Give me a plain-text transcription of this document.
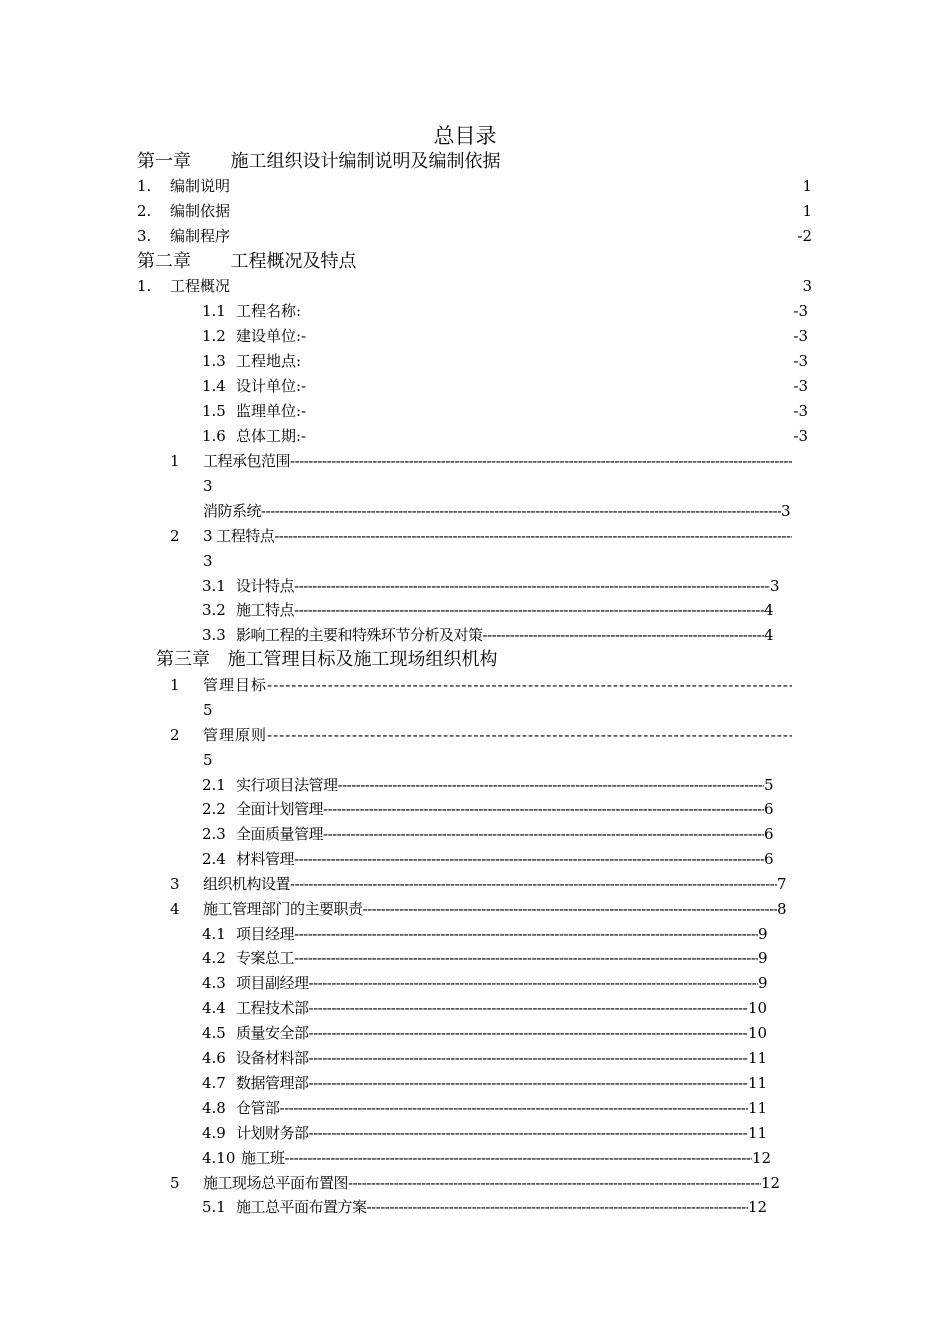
总目录
第一章 施工组织设计编制说明及编制依据
1. 编制说明	1
2. 编制依据	1
3. 编制程序	-2
第二章 工程概况及特点
1. 工程概况	3
1.1 工程名称:	-3
1.2 建设单位:-	-3
1.3 工程地点:	-3
1.4 设计单位:-	-3
1.5 监理单位:-	-3
1.6 总体工期:-	-3
1 工程承包范围 -----
3
消防系统 -----	3
2 3 工程特点 -----
3
3.1 设计特点 -----	3
3.2 施工特点 -----	4
3.3 影响工程的主要和特殊环节分析及对策 -----	4
第三章 施工管理目标及施工现场组织机构
1 管理目标 -----
5
2 管理原则 -----
5
2.1 实行项目法管理 -----	5
2.2 全面计划管理 -----	6
2.3 全面质量管理 -----	6
2.4 材料管理 -----	6
3 组织机构设置 -----	7
4 施工管理部门的主要职责 -----	8
4.1 项目经理 -----	9
4.2 专案总工 -----	9
4.3 项目副经理 -----	9
4.4 工程技术部 -----	10
4.5 质量安全部 -----	10
4.6 设备材料部 -----	11
4.7 数据管理部 -----	11
4.8 仓管部 -----	11
4.9 计划财务部 -----	11
4.10 施工班 -----	12
5 施工现场总平面布置图 -----	12
5.1 施工总平面布置方案 -----	12
